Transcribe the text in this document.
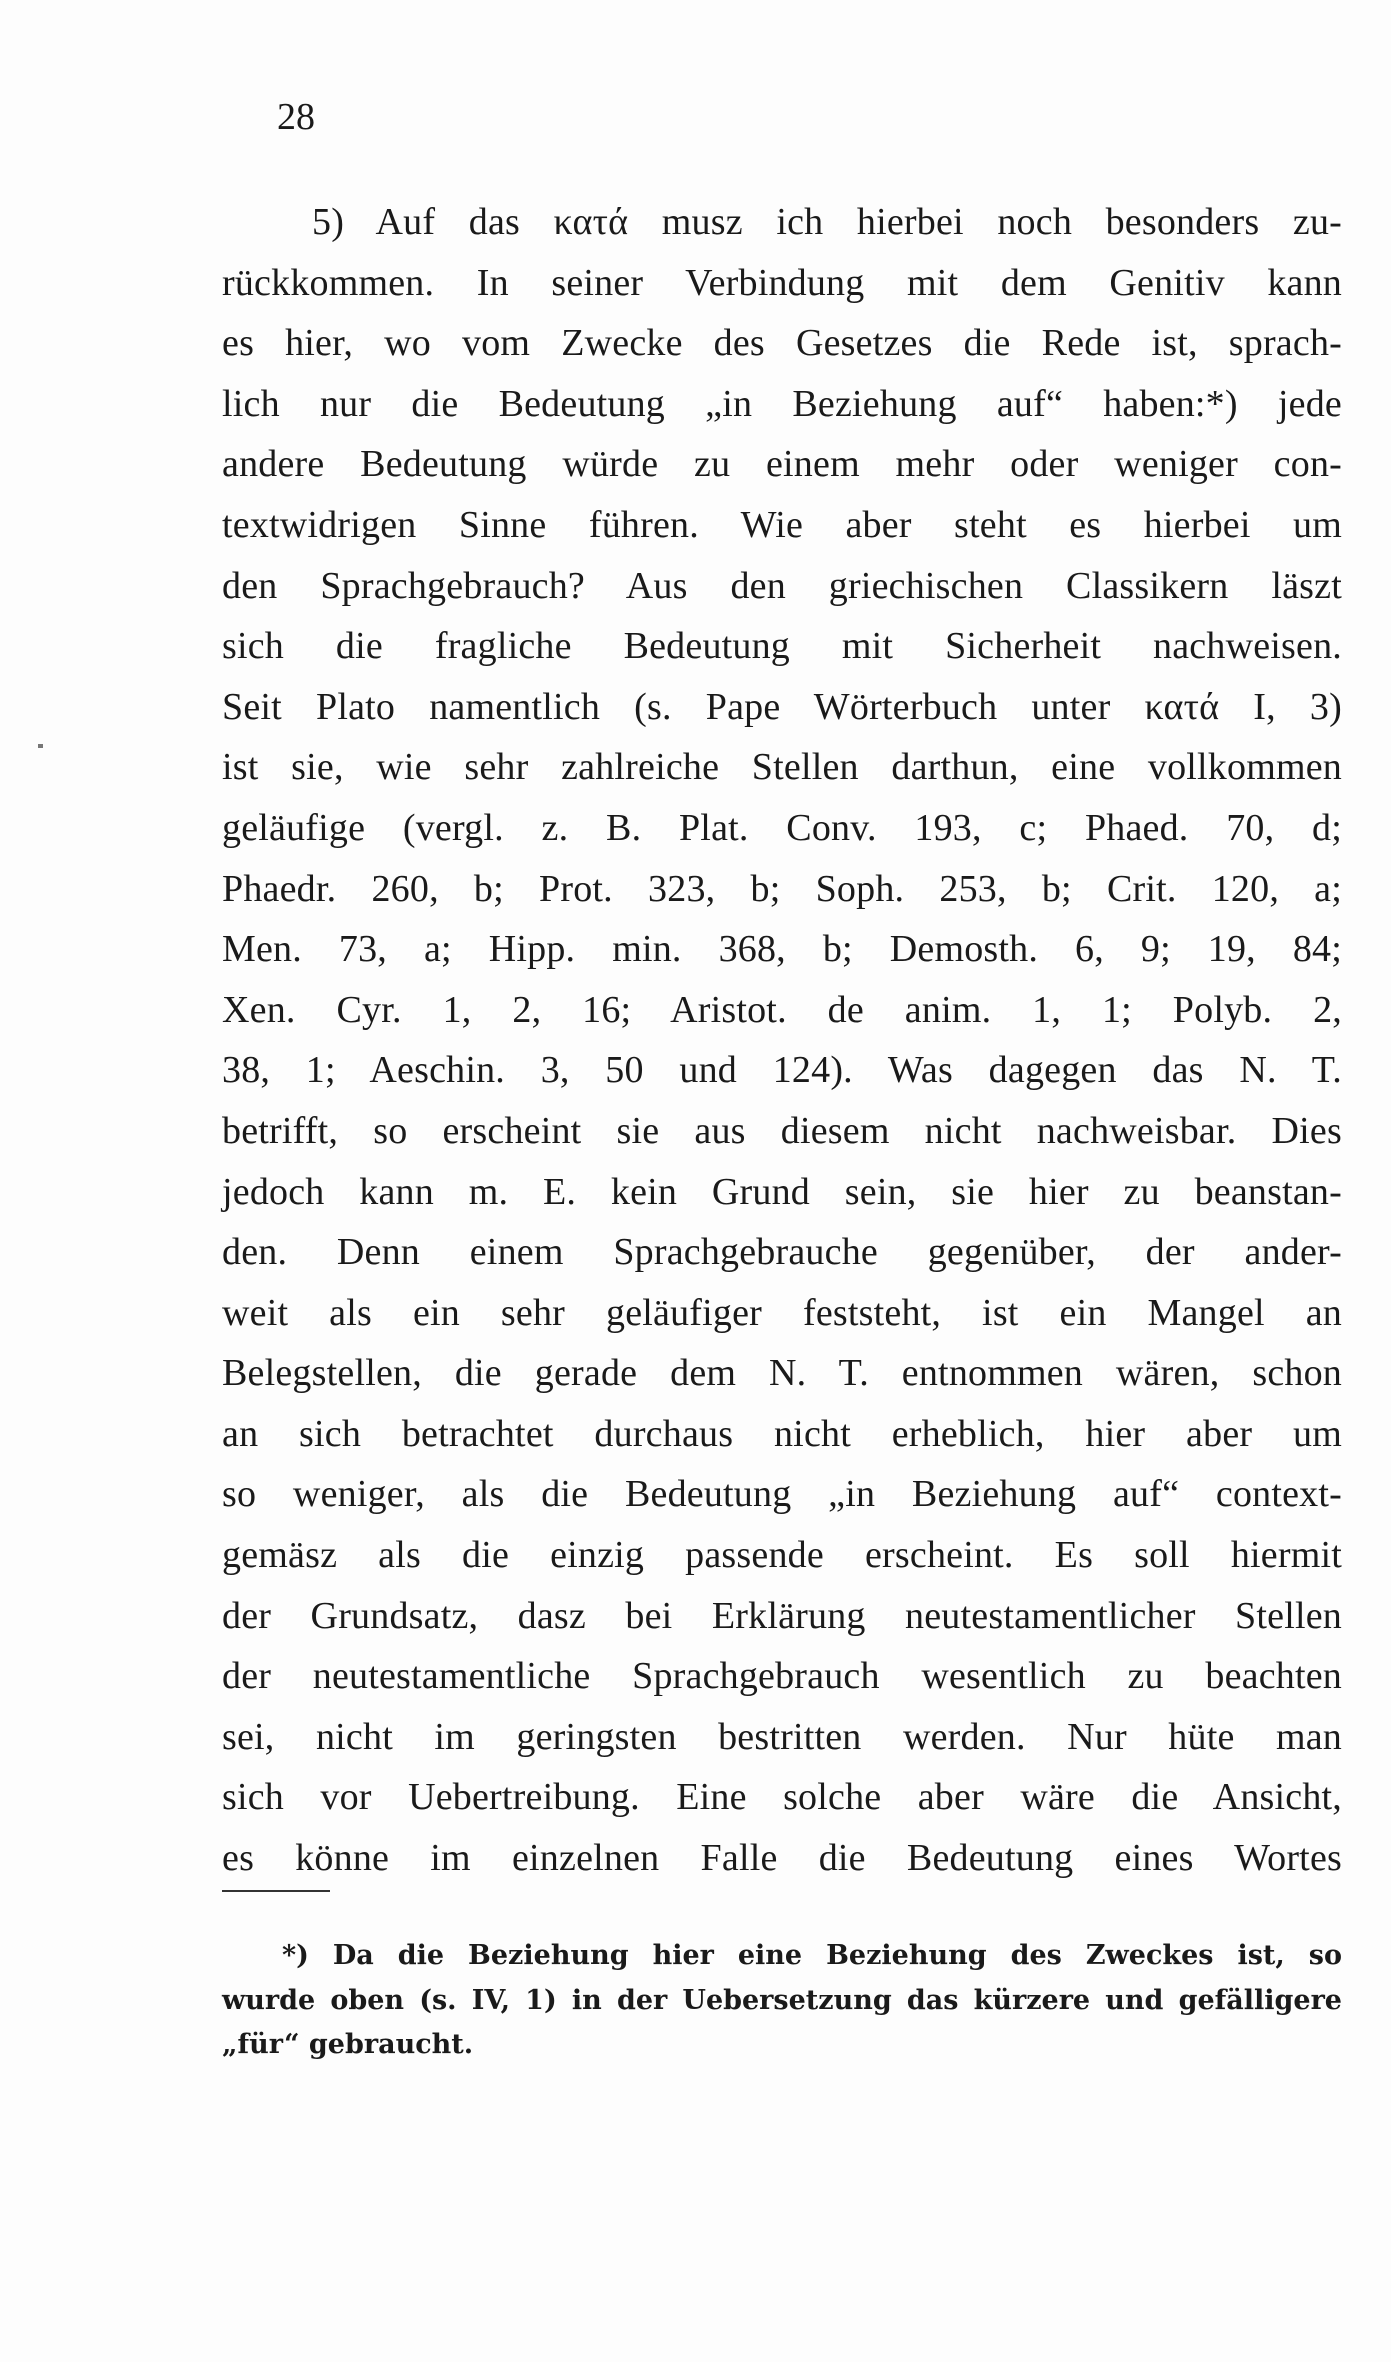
28
5) Auf das κατά musz ich hierbei noch besonders zu-
rückkommen. In seiner Verbindung mit dem Genitiv kann
es hier, wo vom Zwecke des Gesetzes die Rede ist, sprach-
lich nur die Bedeutung „in Beziehung auf“ haben:*) jede
andere Bedeutung würde zu einem mehr oder weniger con-
textwidrigen Sinne führen. Wie aber steht es hierbei um
den Sprachgebrauch? Aus den griechischen Classikern läszt
sich die fragliche Bedeutung mit Sicherheit nachweisen.
Seit Plato namentlich (s. Pape Wörterbuch unter κατά I, 3)
ist sie, wie sehr zahlreiche Stellen darthun, eine vollkommen
geläufige (vergl. z. B. Plat. Conv. 193, c; Phaed. 70, d;
Phaedr. 260, b; Prot. 323, b; Soph. 253, b; Crit. 120, a;
Men. 73, a; Hipp. min. 368, b; Demosth. 6, 9; 19, 84;
Xen. Cyr. 1, 2, 16; Aristot. de anim. 1, 1; Polyb. 2,
38, 1; Aeschin. 3, 50 und 124). Was dagegen das N. T.
betrifft, so erscheint sie aus diesem nicht nachweisbar. Dies
jedoch kann m. E. kein Grund sein, sie hier zu beanstan-
den. Denn einem Sprachgebrauche gegenüber, der ander-
weit als ein sehr geläufiger feststeht, ist ein Mangel an
Belegstellen, die gerade dem N. T. entnommen wären, schon
an sich betrachtet durchaus nicht erheblich, hier aber um
so weniger, als die Bedeutung „in Beziehung auf“ context-
gemäsz als die einzig passende erscheint. Es soll hiermit
der Grundsatz, dasz bei Erklärung neutestamentlicher Stellen
der neutestamentliche Sprachgebrauch wesentlich zu beachten
sei, nicht im geringsten bestritten werden. Nur hüte man
sich vor Uebertreibung. Eine solche aber wäre die Ansicht,
es könne im einzelnen Falle die Bedeutung eines Wortes
*) Da die Beziehung hier eine Beziehung des Zweckes ist, so
wurde oben (s. IV, 1) in der Uebersetzung das kürzere und gefälligere
„für“ gebraucht.
